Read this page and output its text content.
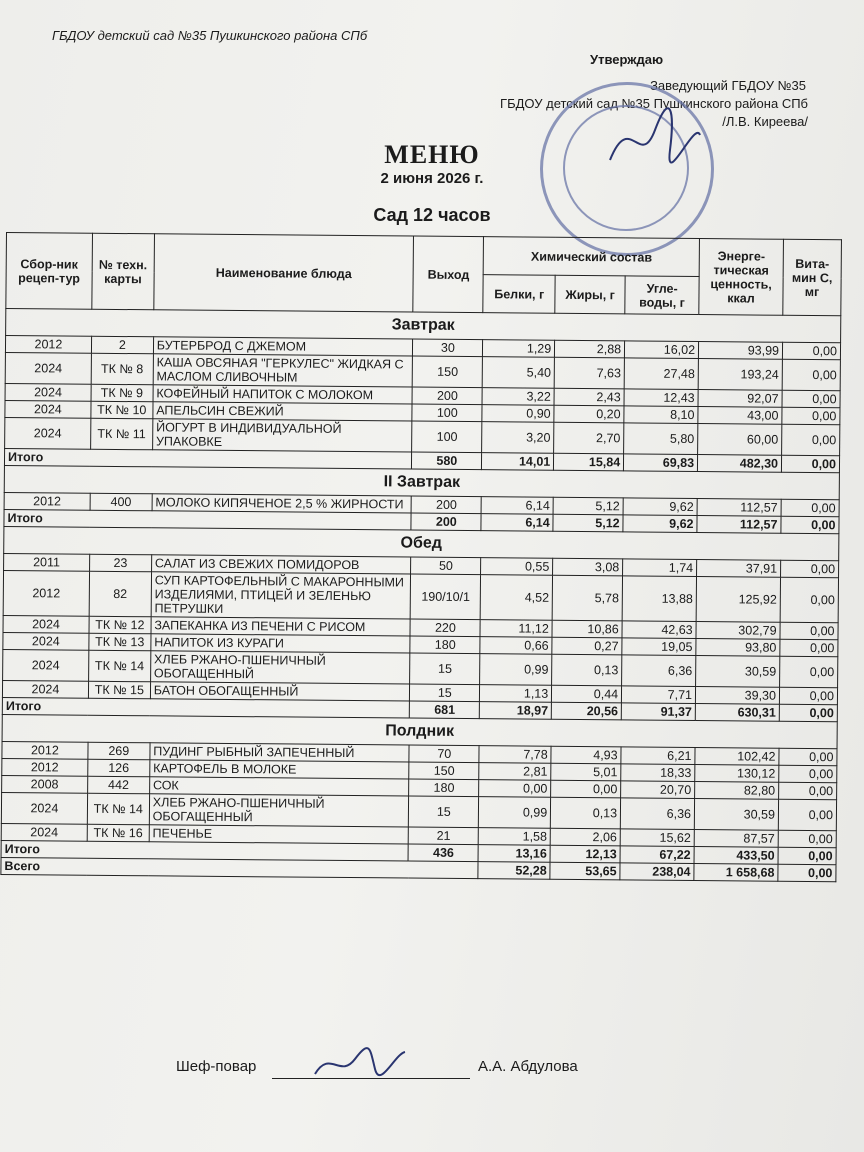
ГБДОУ детский сад №35 Пушкинского района СПб
Утверждаю
Заведующий ГБДОУ №35
ГБДОУ детский сад №35 Пушкинского района СПб
/Л.В. Киреева/
МЕНЮ
2 июня 2026 г.
Сад 12 часов
Сбор-ник рецеп-тур	№ техн. карты	Наименование блюда	Выход	Химический состав			Энерге-тическая ценность, ккал	Вита-мин С, мг
				Белки, г	Жиры, г	Угле-воды, г		
Завтрак								
2012	2	БУТЕРБРОД С ДЖЕМОМ	30	1,29	2,88	16,02	93,99	0,00
2024	ТК № 8	КАША ОВСЯНАЯ "ГЕРКУЛЕС" ЖИДКАЯ С МАСЛОМ СЛИВОЧНЫМ	150	5,40	7,63	27,48	193,24	0,00
2024	ТК № 9	КОФЕЙНЫЙ НАПИТОК С МОЛОКОМ	200	3,22	2,43	12,43	92,07	0,00
2024	ТК № 10	АПЕЛЬСИН СВЕЖИЙ	100	0,90	0,20	8,10	43,00	0,00
2024	ТК № 11	ЙОГУРТ В ИНДИВИДУАЛЬНОЙ УПАКОВКЕ	100	3,20	2,70	5,80	60,00	0,00
Итого			580	14,01	15,84	69,83	482,30	0,00
II Завтрак								
2012	400	МОЛОКО КИПЯЧЕНОЕ 2,5 % ЖИРНОСТИ	200	6,14	5,12	9,62	112,57	0,00
Итого			200	6,14	5,12	9,62	112,57	0,00
Обед								
2011	23	САЛАТ ИЗ СВЕЖИХ ПОМИДОРОВ	50	0,55	3,08	1,74	37,91	0,00
2012	82	СУП КАРТОФЕЛЬНЫЙ С МАКАРОННЫМИ ИЗДЕЛИЯМИ, ПТИЦЕЙ И ЗЕЛЕНЬЮ ПЕТРУШКИ	190/10/1	4,52	5,78	13,88	125,92	0,00
2024	ТК № 12	ЗАПЕКАНКА ИЗ ПЕЧЕНИ С РИСОМ	220	11,12	10,86	42,63	302,79	0,00
2024	ТК № 13	НАПИТОК ИЗ КУРАГИ	180	0,66	0,27	19,05	93,80	0,00
2024	ТК № 14	ХЛЕБ РЖАНО-ПШЕНИЧНЫЙ ОБОГАЩЕННЫЙ	15	0,99	0,13	6,36	30,59	0,00
2024	ТК № 15	БАТОН ОБОГАЩЕННЫЙ	15	1,13	0,44	7,71	39,30	0,00
Итого			681	18,97	20,56	91,37	630,31	0,00
Полдник								
2012	269	ПУДИНГ РЫБНЫЙ ЗАПЕЧЕННЫЙ	70	7,78	4,93	6,21	102,42	0,00
2012	126	КАРТОФЕЛЬ В МОЛОКЕ	150	2,81	5,01	18,33	130,12	0,00
2008	442	СОК	180	0,00	0,00	20,70	82,80	0,00
2024	ТК № 14	ХЛЕБ РЖАНО-ПШЕНИЧНЫЙ ОБОГАЩЕННЫЙ	15	0,99	0,13	6,36	30,59	0,00
2024	ТК № 16	ПЕЧЕНЬЕ	21	1,58	2,06	15,62	87,57	0,00
Итого			436	13,16	12,13	67,22	433,50	0,00
Всего				52,28	53,65	238,04	1 658,68	0,00
Шеф-повар	А.А. Абдулова
